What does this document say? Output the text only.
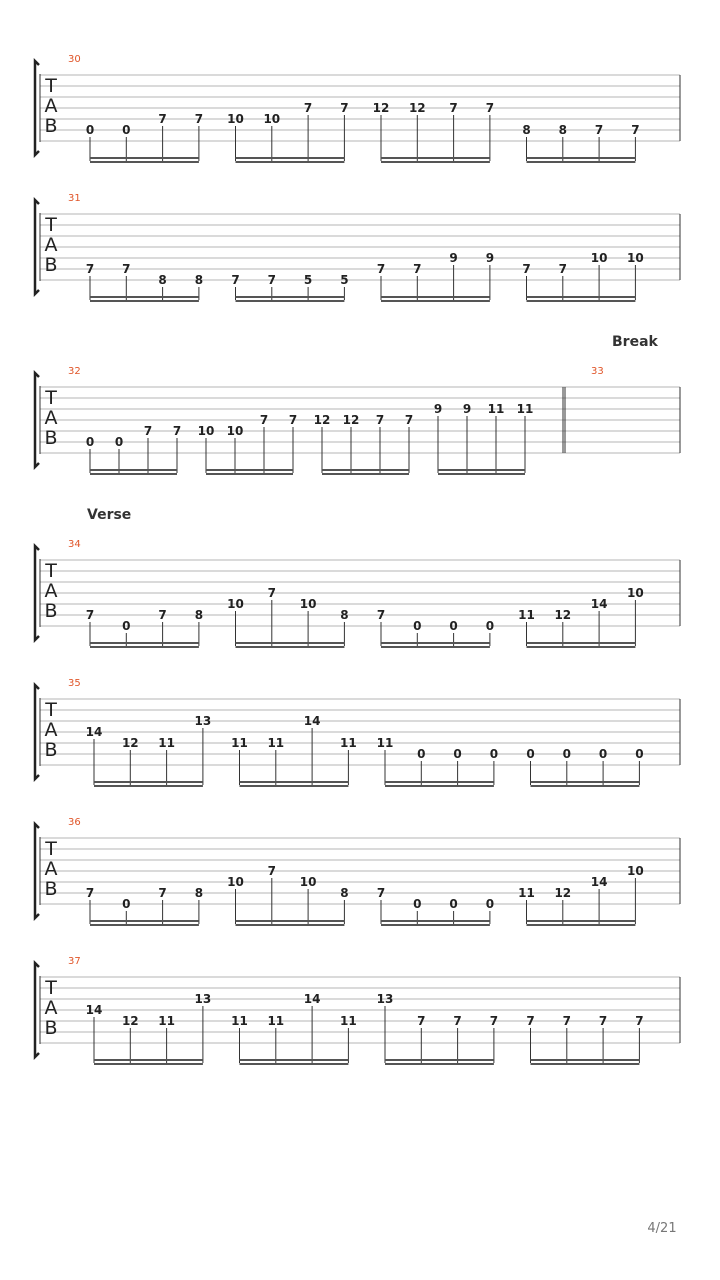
T
A
B
30
0 0
7 7 10 10
7 7 12 12 7 7
8 8 7 7
T
A
B
31
7 7
8 8 7 7 5 5
7 7
9 9
7 7
10 10
T
A
B
32
0 0
7 7 10 10
7 7 12 12 7 7
9 9 11 11
33
Break
T
A
B
34
Verse
7
0
7 8
10
7
10
8 7
0 0 0
11 12
14
10
T
A
B
35
14
12 11
13
11 11
14
11 11
0 0 0 0 0 0 0
T
A
B
36
7
0
7 8
10
7
10
8 7
0 0 0
11 12
14
10
T
A
B
37
14
12 11
13
11 11
14
11
13
7 7 7 7 7 7 7
4/21
